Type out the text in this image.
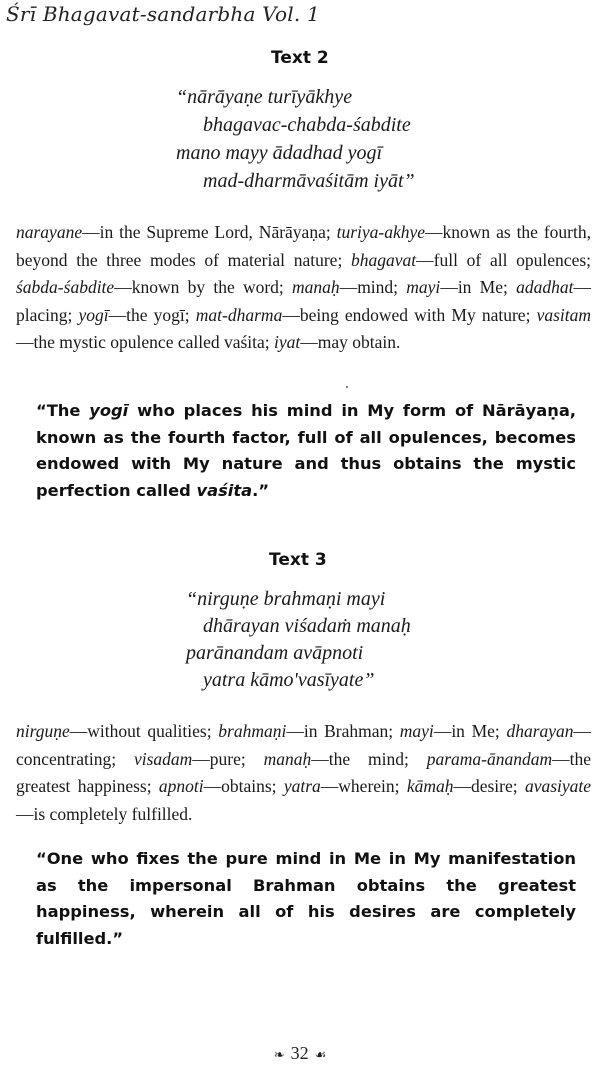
Śrī Bhagavat-sandarbha Vol. 1
Text 2
“nārāyaṇe turīyākhye
bhagavac-chabda-śabdite
mano mayy ādadhad yogī
mad-dharmāvaśitām iyāt”
narayane—in the Supreme Lord, Nārāyaṇa; turiya-akhye—known as the fourth, beyond the three modes of material nature; bhagavat—full of all opulences; śabda-śabdite—known by the word; manaḥ—mind; mayi—in Me; adadhat—placing; yogī—the yogī; mat-dharma—being endowed with My nature; vasitam—the mystic opulence called vaśita; iyat—may obtain.
“The yogī who places his mind in My form of Nārāyaṇa, known as the fourth factor, full of all opulences, becomes endowed with My nature and thus obtains the mystic perfection called vaśita.”
Text 3
“nirguṇe brahmaṇi mayi
dhārayan viśadaṁ manaḥ
parānandam avāpnoti
yatra kāmo'vasīyate”
nirguṇe—without qualities; brahmaṇi—in Brahman; mayi—in Me; dharayan—concentrating; visadam—pure; manaḥ—the mind; parama-ānandam—the greatest happiness; apnoti—obtains; yatra—wherein; kāmaḥ—desire; avasiyate—is completely fulfilled.
“One who fixes the pure mind in Me in My manifestation as the impersonal Brahman obtains the greatest happiness, wherein all of his desires are completely fulfilled.”
❧ 32 ☙
